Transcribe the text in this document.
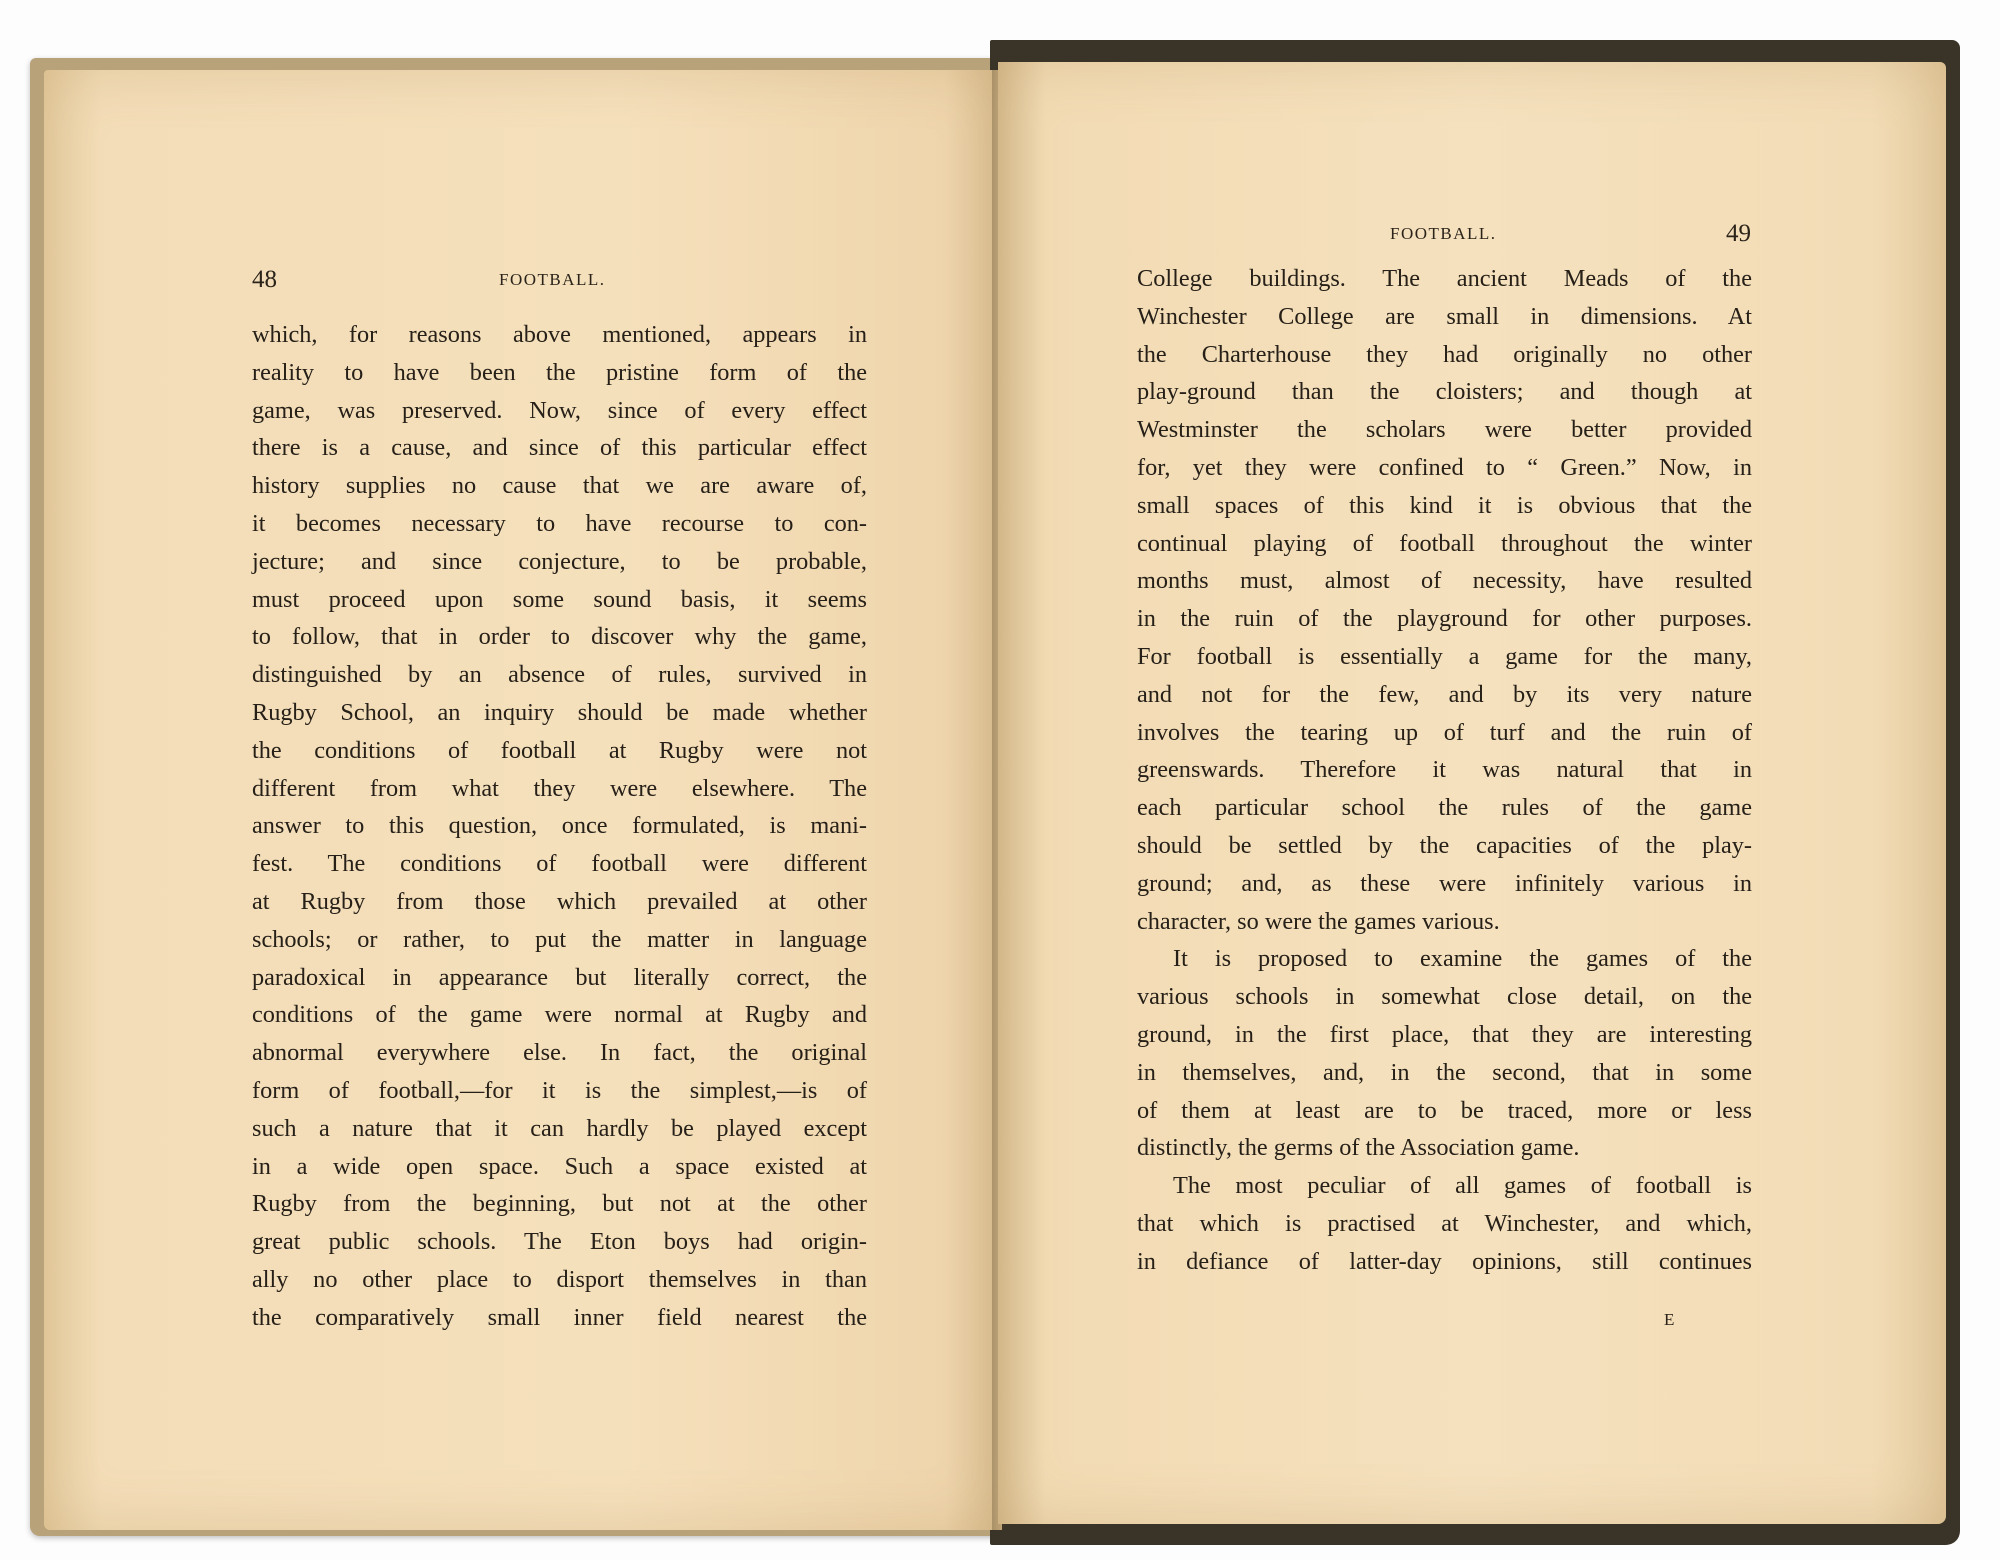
48	FOOTBALL.
which, for reasons above mentioned, appears in
reality to have been the pristine form of the
game, was preserved. Now, since of every effect
there is a cause, and since of this particular effect
history supplies no cause that we are aware of,
it becomes necessary to have recourse to con-
jecture; and since conjecture, to be probable,
must proceed upon some sound basis, it seems
to follow, that in order to discover why the game,
distinguished by an absence of rules, survived in
Rugby School, an inquiry should be made whether
the conditions of football at Rugby were not
different from what they were elsewhere. The
answer to this question, once formulated, is mani-
fest. The conditions of football were different
at Rugby from those which prevailed at other
schools; or rather, to put the matter in language
paradoxical in appearance but literally correct, the
conditions of the game were normal at Rugby and
abnormal everywhere else. In fact, the original
form of football,—for it is the simplest,—is of
such a nature that it can hardly be played except
in a wide open space. Such a space existed at
Rugby from the beginning, but not at the other
great public schools. The Eton boys had origin-
ally no other place to disport themselves in than
the comparatively small inner field nearest the
FOOTBALL.	49
College buildings. The ancient Meads of the
Winchester College are small in dimensions. At
the Charterhouse they had originally no other
play-ground than the cloisters; and though at
Westminster the scholars were better provided
for, yet they were confined to “ Green.” Now, in
small spaces of this kind it is obvious that the
continual playing of football throughout the winter
months must, almost of necessity, have resulted
in the ruin of the playground for other purposes.
For football is essentially a game for the many,
and not for the few, and by its very nature
involves the tearing up of turf and the ruin of
greenswards. Therefore it was natural that in
each particular school the rules of the game
should be settled by the capacities of the play-
ground; and, as these were infinitely various in
character, so were the games various.
It is proposed to examine the games of the
various schools in somewhat close detail, on the
ground, in the first place, that they are interesting
in themselves, and, in the second, that in some
of them at least are to be traced, more or less
distinctly, the germs of the Association game.
The most peculiar of all games of football is
that which is practised at Winchester, and which,
in defiance of latter-day opinions, still continues
E
